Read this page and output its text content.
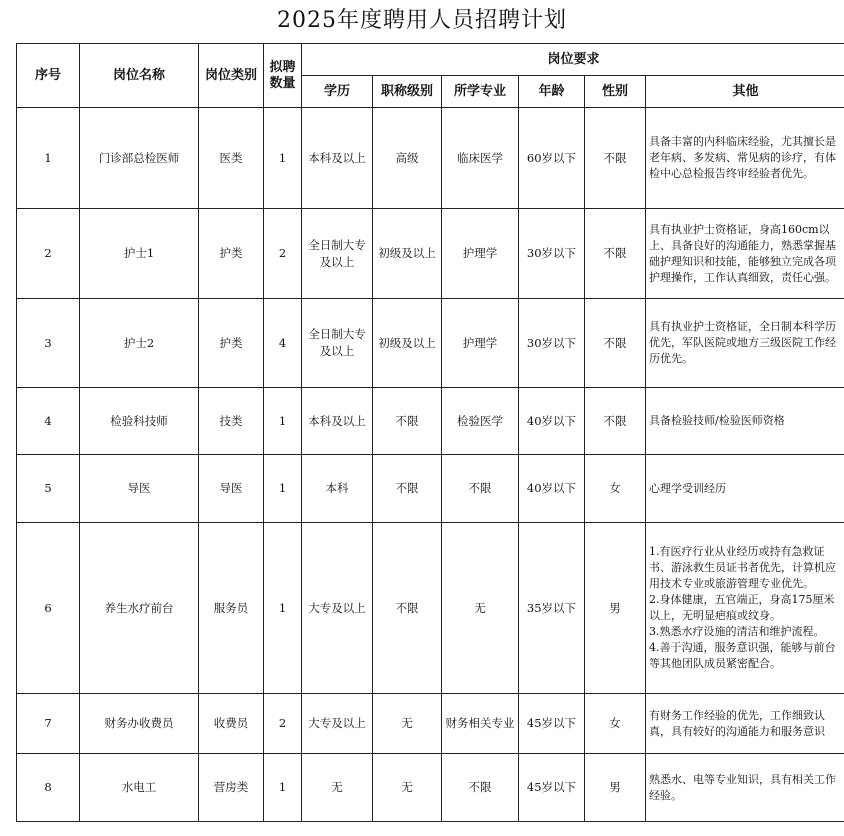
2025年度聘用人员招聘计划
序号	岗位名称	岗位类别	拟聘数量	岗位要求					
				学历	职称级别	所学专业	年龄	性别	其他
1	门诊部总检医师	医类	1	本科及以上	高级	临床医学	60岁以下	不限	具备丰富的内科临床经验，尤其擅长是老年病、多发病、常见病的诊疗，有体检中心总检报告终审经验者优先。

2	护士1	护类	2	全日制大专及以上	初级及以上	护理学	30岁以下	不限	具有执业护士资格证，身高160cm以上、具备良好的沟通能力，熟悉掌握基础护理知识和技能，能够独立完成各项护理操作，工作认真细致，责任心强。

3	护士2	护类	4	全日制大专及以上	初级及以上	护理学	30岁以下	不限	具有执业护士资格证，全日制本科学历优先，军队医院或地方三级医院工作经历优先。

4	检验科技师	技类	1	本科及以上	不限	检验医学	40岁以下	不限	具备检验技师/检验医师资格

5	导医	导医	1	本科	不限	不限	40岁以下	女	心理学受训经历

6	养生水疗前台	服务员	1	大专及以上	不限	无	35岁以下	男	1.有医疗行业从业经历或持有急救证书、游泳救生员证书者优先，计算机应用技术专业或旅游管理专业优先。
2.身体健康，五官端正，身高175厘米以上，无明显疤痕或纹身。
3.熟悉水疗设施的清洁和维护流程。
4.善于沟通，服务意识强，能够与前台等其他团队成员紧密配合。

7	财务办收费员	收费员	2	大专及以上	无	财务相关专业	45岁以下	女	有财务工作经验的优先，工作细致认真，具有较好的沟通能力和服务意识

8	水电工	营房类	1	无	无	不限	45岁以下	男	熟悉水、电等专业知识，具有相关工作经验。
